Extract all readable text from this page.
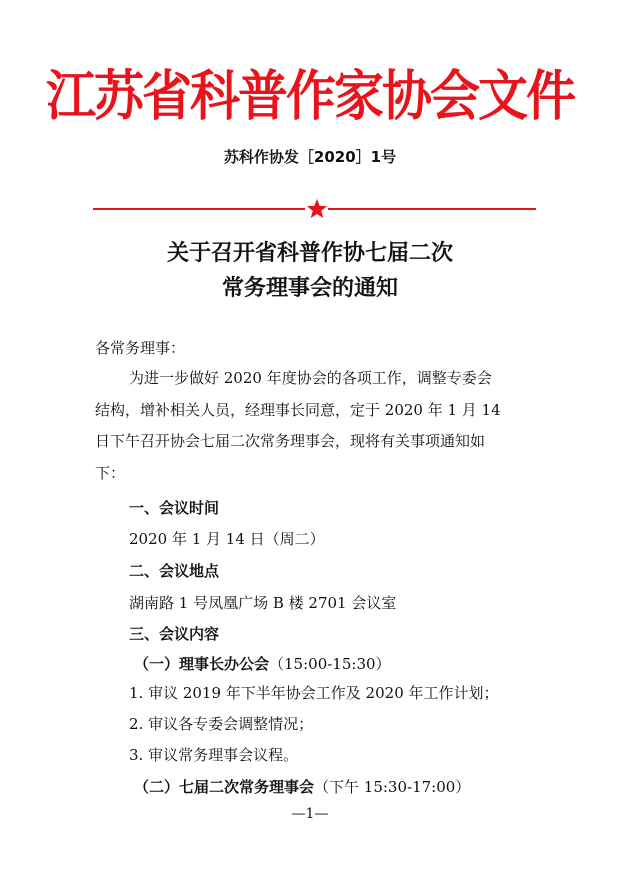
江苏省科普作家协会文件
苏科作协发［2020］1号
关于召开省科普作协七届二次
常务理事会的通知
各常务理事：
为进一步做好 2020 年度协会的各项工作，调整专委会
结构，增补相关人员，经理事长同意，定于 2020 年 1 月 14
日下午召开协会七届二次常务理事会，现将有关事项通知如
下：
一、会议时间
2020 年 1 月 14 日（周二）
二、会议地点
湖南路 1 号凤凰广场 B 楼 2701 会议室
三、会议内容
（一）理事长办公会（15:00-15:30）
1. 审议 2019 年下半年协会工作及 2020 年工作计划；
2. 审议各专委会调整情况；
3. 审议常务理事会议程。
（二）七届二次常务理事会（下午 15:30-17:00）
—1—
